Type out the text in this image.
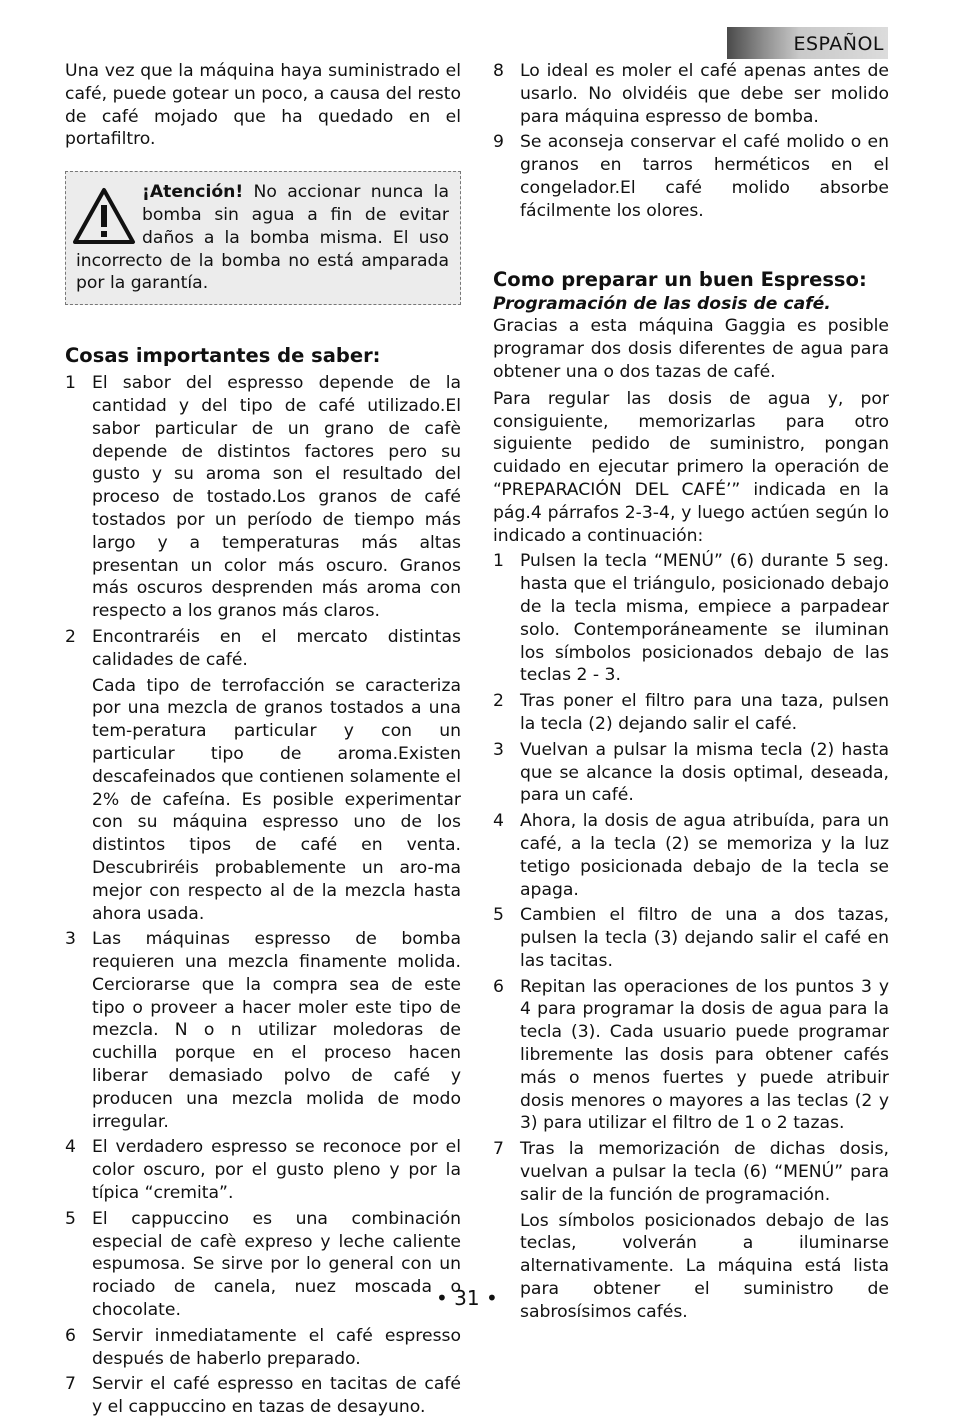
ESPAÑOL

Una vez que la máquina haya suministrado el café, puede gotear un poco, a causa del resto de café mojado que ha quedado en el portafiltro.

¡Atención! No accionar nunca la bomba sin agua a fin de evitar daños a la bomba misma. El uso incorrecto de la bomba no está amparada por la garantía.
Cosas importantes de saber:
1 El sabor del espresso depende de la cantidad y del tipo de café utilizado.El sabor particular de un grano de cafè depende de distintos factores pero su gusto y su aroma son el resultado del proceso de tostado.Los granos de café tostados por un período de tiempo más largo y a temperaturas más altas presentan un color más oscuro. Granos más oscuros desprenden más aroma con respecto a los granos más claros.
2 Encontraréis en el mercato distintas calidades de café.
Cada tipo de terrofacción se caracteriza por una mezcla de granos tostados a una tem-peratura particular y con un particular tipo de aroma.Existen descafeinados que contienen solamente el 2% de cafeína. Es posible experimentar con su máquina espresso uno de los distintos tipos de café en venta. Descubriréis probablemente un aro-ma mejor con respecto al de la mezcla hasta ahora usada.
3 Las máquinas espresso de bomba requieren una mezcla finamente molida. Cerciorarse que la compra sea de este tipo o proveer a hacer moler este tipo de mezcla. N o n utilizar moledoras de cuchilla porque en el proceso hacen liberar demasiado polvo de café y producen una mezcla molida de modo irregular.
4 El verdadero espresso se reconoce por el color oscuro, por el gusto pleno y por la típica “cremita”.
5 El cappuccino es una combinación especial de cafè expreso y leche caliente espumosa. Se sirve por lo general con un rociado de canela, nuez moscada o chocolate.
6 Servir inmediatamente el café espresso después de haberlo preparado.
7 Servir el café espresso en tacitas de café y el cappuccino en tazas de desayuno.
8 Lo ideal es moler el café apenas antes de usarlo. No olvidéis que debe ser molido para máquina espresso de bomba.
9 Se aconseja conservar el café molido o en granos en tarros herméticos en el congelador.El café molido absorbe fácilmente los olores.
Como preparar un buen Espresso:
Programación de las dosis de café.

Gracias a esta máquina Gaggia es posible programar dos dosis diferentes de agua para obtener una o dos tazas de café.

Para regular las dosis de agua y, por consiguiente, memorizarlas para otro siguiente pedido de suministro, pongan cuidado en ejecutar primero la operación de “PREPARACIÓN DEL CAFÉ’” indicada en la pág.4 párrafos 2-3-4, y luego actúen según lo indicado a continuación:

1 Pulsen la tecla “MENÚ” (6) durante 5 seg. hasta que el triángulo, posicionado debajo de la tecla misma, empiece a parpadear solo. Contemporáneamente se iluminan los símbolos posicionados debajo de las teclas 2 - 3.
2 Tras poner el filtro para una taza, pulsen la tecla (2) dejando salir el café.
3 Vuelvan a pulsar la misma tecla (2) hasta que se alcance la dosis optimal, deseada, para un café.
4 Ahora, la dosis de agua atribuída, para un café, a la tecla (2) se memoriza y la luz tetigo posicionada debajo de la tecla se apaga.
5 Cambien el filtro de una a dos tazas, pulsen la tecla (3) dejando salir el café en las tacitas.
6 Repitan las operaciones de los puntos 3 y 4 para programar la dosis de agua para la tecla (3). Cada usuario puede programar libremente las dosis para obtener cafés más o menos fuertes y puede atribuir dosis menores o mayores a las teclas (2 y 3) para utilizar el filtro de 1 o 2 tazas.
7 Tras la memorización de dichas dosis, vuelvan a pulsar la tecla (6) “MENÚ” para salir de la función de programación.
Los símbolos posicionados debajo de las teclas, volverán a iluminarse alternativamente. La máquina está lista para obtener el suministro de sabrosísimos cafés.
• 31 •
